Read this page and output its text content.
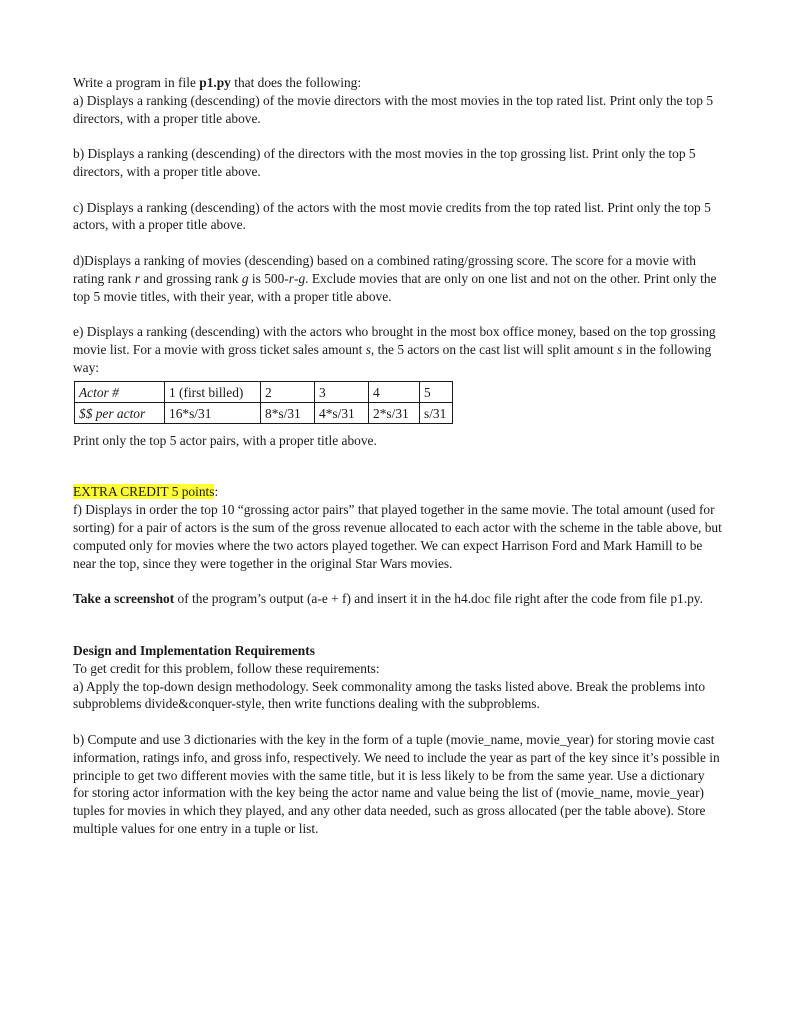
Write a program in file p1.py that does the following:

a) Displays a ranking (descending) of the movie directors with the most movies in the top rated list. Print only the top 5 directors, with a proper title above.

b) Displays a ranking (descending) of the directors with the most movies in the top grossing list. Print only the top 5 directors, with a proper title above.

c) Displays a ranking (descending) of the actors with the most movie credits from the top rated list. Print only the top 5 actors, with a proper title above.

d)Displays a ranking of movies (descending) based on a combined rating/grossing score. The score for a movie with rating rank r and grossing rank g is 500-r-g. Exclude movies that are only on one list and not on the other. Print only the top 5 movie titles, with their year, with a proper title above.

e) Displays a ranking (descending) with the actors who brought in the most box office money, based on the top grossing movie list. For a movie with gross ticket sales amount s, the 5 actors on the cast list will split amount s in the following way:

Actor #	1 (first billed)	2	3	4	5
$$ per actor	16*s/31	8*s/31	4*s/31	2*s/31	s/31

Print only the top 5 actor pairs, with a proper title above.

EXTRA CREDIT 5 points:

f) Displays in order the top 10 “grossing actor pairs” that played together in the same movie. The total amount (used for sorting) for a pair of actors is the sum of the gross revenue allocated to each actor with the scheme in the table above, but computed only for movies where the two actors played together. We can expect Harrison Ford and Mark Hamill to be near the top, since they were together in the original Star Wars movies.

Take a screenshot of the program’s output (a-e + f) and insert it in the h4.doc file right after the code from file p1.py.

Design and Implementation Requirements

To get credit for this problem, follow these requirements:

a) Apply the top-down design methodology. Seek commonality among the tasks listed above. Break the problems into subproblems divide&conquer-style, then write functions dealing with the subproblems.

b) Compute and use 3 dictionaries with the key in the form of a tuple (movie_name, movie_year) for storing movie cast information, ratings info, and gross info, respectively. We need to include the year as part of the key since it’s possible in principle to get two different movies with the same title, but it is less likely to be from the same year. Use a dictionary for storing actor information with the key being the actor name and value being the list of (movie_name, movie_year) tuples for movies in which they played, and any other data needed, such as gross allocated (per the table above). Store multiple values for one entry in a tuple or list.
